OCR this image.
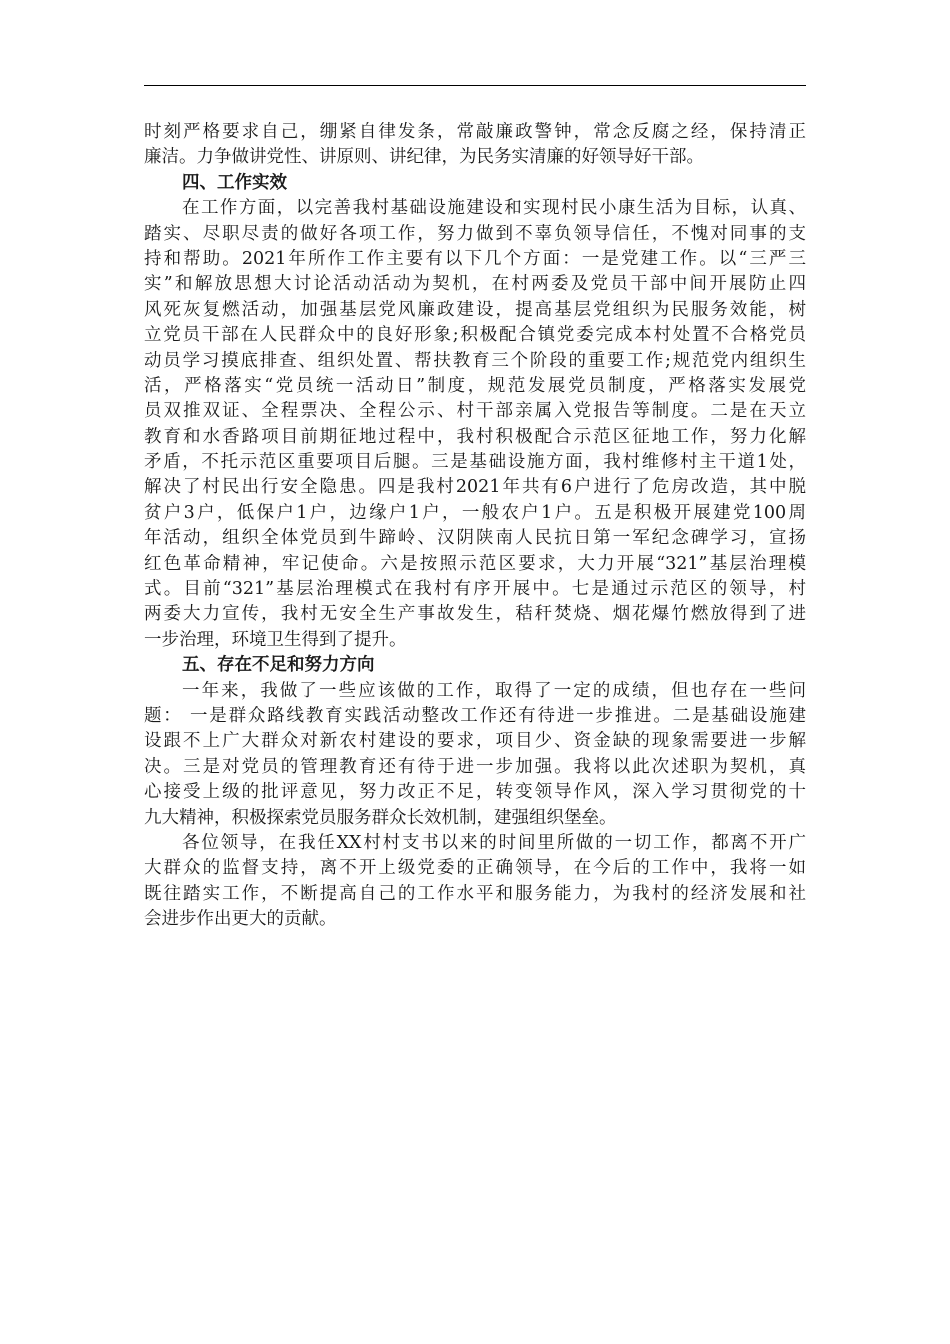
时刻严格要求自己，绷紧自律发条，常敲廉政警钟，常念反腐之经，保持清正
廉洁。力争做讲党性、讲原则、讲纪律，为民务实清廉的好领导好干部。
四、工作实效
在工作方面，以完善我村基础设施建设和实现村民小康生活为目标，认真、
踏实、尽职尽责的做好各项工作，努力做到不辜负领导信任，不愧对同事的支
持和帮助。2021年所作工作主要有以下几个方面：一是党建工作。以“三严三
实”和解放思想大讨论活动活动为契机，在村两委及党员干部中间开展防止四
风死灰复燃活动，加强基层党风廉政建设，提高基层党组织为民服务效能，树
立党员干部在人民群众中的良好形象;积极配合镇党委完成本村处置不合格党员
动员学习摸底排查、组织处置、帮扶教育三个阶段的重要工作;规范党内组织生
活，严格落实“党员统一活动日”制度，规范发展党员制度，严格落实发展党
员双推双证、全程票决、全程公示、村干部亲属入党报告等制度。二是在天立
教育和水香路项目前期征地过程中，我村积极配合示范区征地工作，努力化解
矛盾，不托示范区重要项目后腿。三是基础设施方面，我村维修村主干道1处，
解决了村民出行安全隐患。四是我村2021年共有6户进行了危房改造，其中脱
贫户3户，低保户1户，边缘户1户，一般农户1户。五是积极开展建党100周
年活动，组织全体党员到牛蹄岭、汉阴陕南人民抗日第一军纪念碑学习，宣扬
红色革命精神，牢记使命。六是按照示范区要求，大力开展“321”基层治理模
式。目前“321”基层治理模式在我村有序开展中。七是通过示范区的领导，村
两委大力宣传，我村无安全生产事故发生，秸秆焚烧、烟花爆竹燃放得到了进
一步治理，环境卫生得到了提升。
五、存在不足和努力方向
一年来，我做了一些应该做的工作，取得了一定的成绩，但也存在一些问
题： 一是群众路线教育实践活动整改工作还有待进一步推进。二是基础设施建
设跟不上广大群众对新农村建设的要求，项目少、资金缺的现象需要进一步解
决。三是对党员的管理教育还有待于进一步加强。我将以此次述职为契机，真
心接受上级的批评意见，努力改正不足，转变领导作风，深入学习贯彻党的十
九大精神，积极探索党员服务群众长效机制，建强组织堡垒。
各位领导，在我任XX村村支书以来的时间里所做的一切工作，都离不开广
大群众的监督支持，离不开上级党委的正确领导，在今后的工作中，我将一如
既往踏实工作，不断提高自己的工作水平和服务能力，为我村的经济发展和社
会进步作出更大的贡献。
